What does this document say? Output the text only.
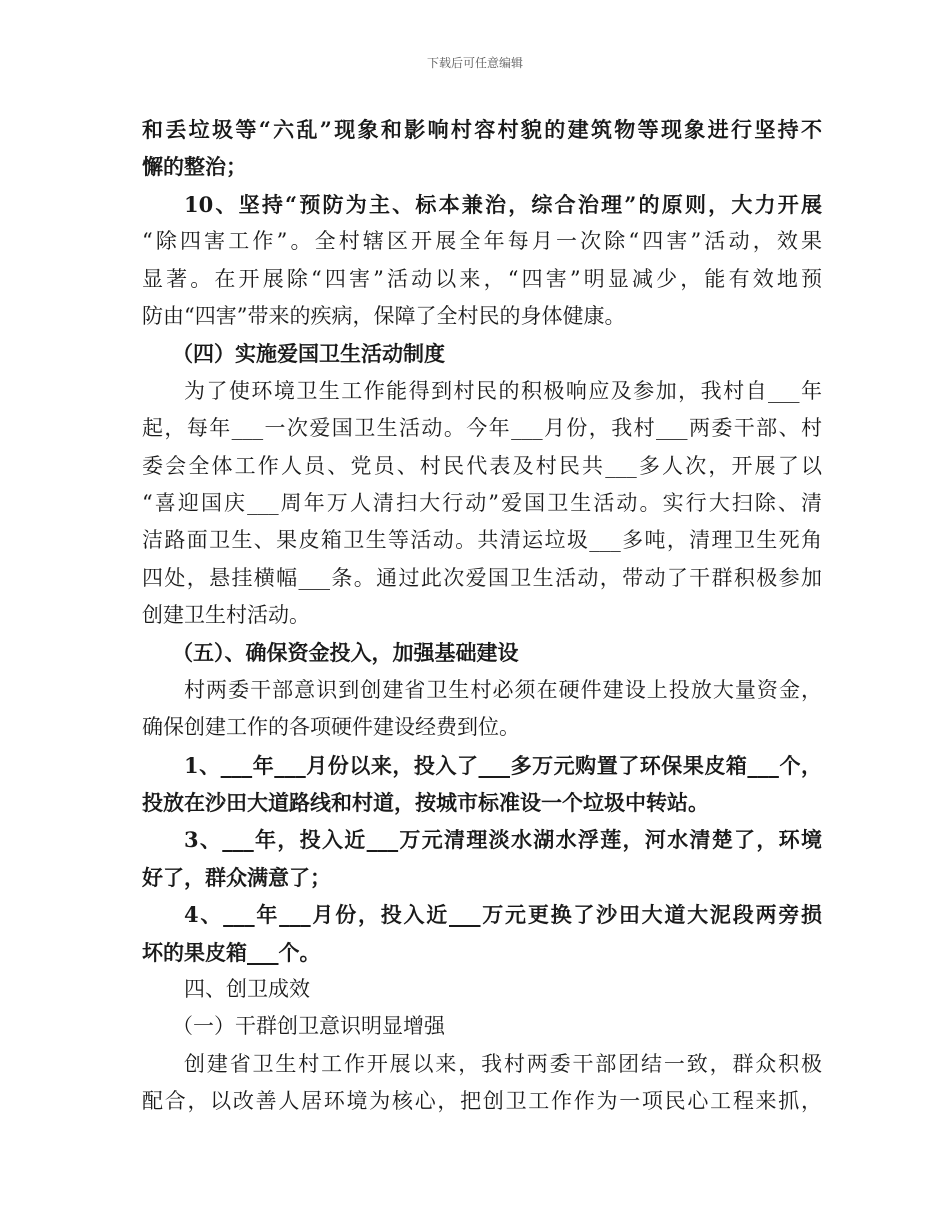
下载后可任意编辑
和丢垃圾等“六乱”现象和影响村容村貌的建筑物等现象进行坚持不
懈的整治；
10、坚持“预防为主、标本兼治，综合治理”的原则，大力开展
“除四害工作”。全村辖区开展全年每月一次除“四害”活动，效果
显著。在开展除“四害”活动以来，“四害”明显减少，能有效地预
防由“四害”带来的疾病，保障了全村民的身体健康。
（四）实施爱国卫生活动制度
为了使环境卫生工作能得到村民的积极响应及参加，我村自___年
起，每年___一次爱国卫生活动。今年___月份，我村___两委干部、村
委会全体工作人员、党员、村民代表及村民共___多人次，开展了以
“喜迎国庆___周年万人清扫大行动”爱国卫生活动。实行大扫除、清
洁路面卫生、果皮箱卫生等活动。共清运垃圾___多吨，清理卫生死角
四处，悬挂横幅___条。通过此次爱国卫生活动，带动了干群积极参加
创建卫生村活动。
（五）、确保资金投入，加强基础建设
村两委干部意识到创建省卫生村必须在硬件建设上投放大量资金，
确保创建工作的各项硬件建设经费到位。
1、___年___月份以来，投入了___多万元购置了环保果皮箱___个，
投放在沙田大道路线和村道，按城市标准设一个垃圾中转站。
3、___年，投入近___万元清理淡水湖水浮莲，河水清楚了，环境
好了，群众满意了；
4、___年___月份，投入近___万元更换了沙田大道大泥段两旁损
坏的果皮箱___个。
四、创卫成效
（一）干群创卫意识明显增强
创建省卫生村工作开展以来，我村两委干部团结一致，群众积极
配合，以改善人居环境为核心，把创卫工作作为一项民心工程来抓，
